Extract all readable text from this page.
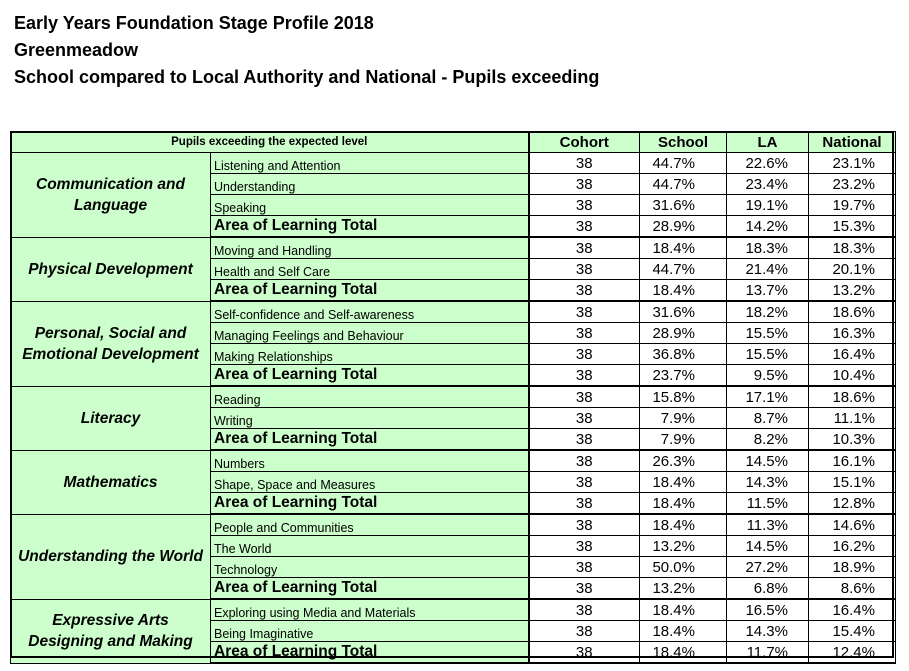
Early Years Foundation Stage Profile 2018
Greenmeadow
School compared to Local Authority and National - Pupils exceeding
Pupils exceeding the expected level		Cohort	School	LA	National
Communication and Language	Listening and Attention	38	44.7%	22.6%	23.1%
	Understanding	38	44.7%	23.4%	23.2%
	Speaking	38	31.6%	19.1%	19.7%
	Area of Learning Total	38	28.9%	14.2%	15.3%
Physical Development	Moving and Handling	38	18.4%	18.3%	18.3%
	Health and Self Care	38	44.7%	21.4%	20.1%
	Area of Learning Total	38	18.4%	13.7%	13.2%
Personal, Social and Emotional Development	Self-confidence and Self-awareness	38	31.6%	18.2%	18.6%
	Managing Feelings and Behaviour	38	28.9%	15.5%	16.3%
	Making Relationships	38	36.8%	15.5%	16.4%
	Area of Learning Total	38	23.7%	9.5%	10.4%
Literacy	Reading	38	15.8%	17.1%	18.6%
	Writing	38	7.9%	8.7%	11.1%
	Area of Learning Total	38	7.9%	8.2%	10.3%
Mathematics	Numbers	38	26.3%	14.5%	16.1%
	Shape, Space and Measures	38	18.4%	14.3%	15.1%
	Area of Learning Total	38	18.4%	11.5%	12.8%
Understanding the World	People and Communities	38	18.4%	11.3%	14.6%
	The World	38	13.2%	14.5%	16.2%
	Technology	38	50.0%	27.2%	18.9%
	Area of Learning Total	38	13.2%	6.8%	8.6%
Expressive Arts Designing and Making	Exploring using Media and Materials	38	18.4%	16.5%	16.4%
	Being Imaginative	38	18.4%	14.3%	15.4%
	Area of Learning Total	38	18.4%	11.7%	12.4%
